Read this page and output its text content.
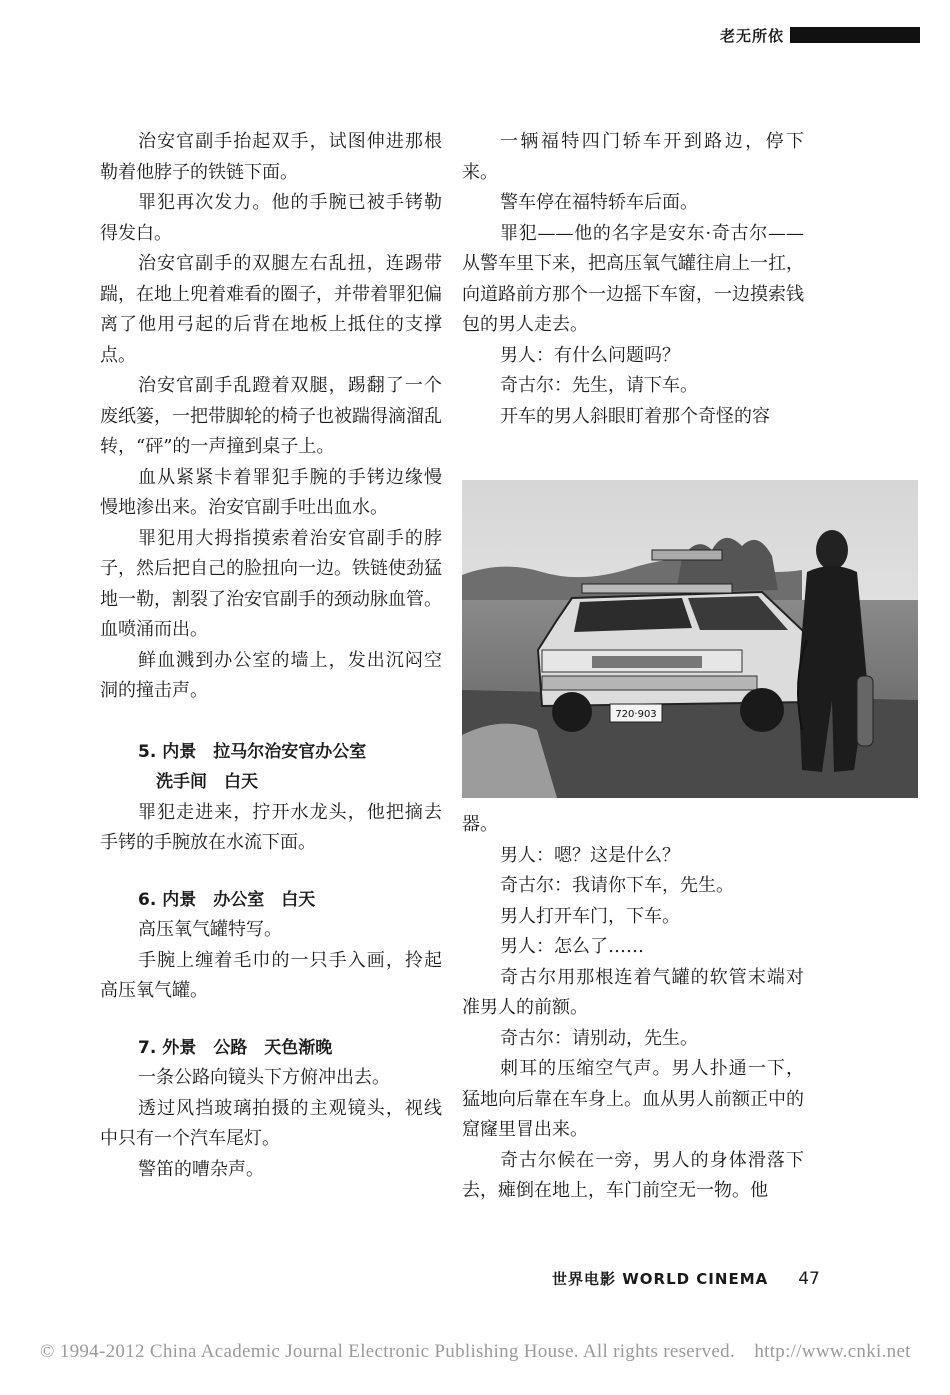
老无所依

治安官副手抬起双手，试图伸进那根勒着他脖子的铁链下面。

罪犯再次发力。他的手腕已被手铐勒得发白。

治安官副手的双腿左右乱扭，连踢带踹，在地上兜着难看的圈子，并带着罪犯偏离了他用弓起的后背在地板上抵住的支撑点。

治安官副手乱蹬着双腿，踢翻了一个废纸篓，一把带脚轮的椅子也被踹得滴溜乱转，“砰”的一声撞到桌子上。

血从紧紧卡着罪犯手腕的手铐边缘慢慢地渗出来。治安官副手吐出血水。

罪犯用大拇指摸索着治安官副手的脖子，然后把自己的脸扭向一边。铁链使劲猛地一勒，割裂了治安官副手的颈动脉血管。血喷涌而出。

鲜血溅到办公室的墙上，发出沉闷空洞的撞击声。

5. 内景　拉马尔治安官办公室

洗手间　白天

罪犯走进来，拧开水龙头，他把摘去手铐的手腕放在水流下面。

6. 内景　办公室　白天

高压氧气罐特写。

手腕上缠着毛巾的一只手入画，拎起高压氧气罐。

7. 外景　公路　天色渐晚

一条公路向镜头下方俯冲出去。

透过风挡玻璃拍摄的主观镜头，视线中只有一个汽车尾灯。

警笛的嘈杂声。

一辆福特四门轿车开到路边，停下来。

警车停在福特轿车后面。

罪犯——他的名字是安东·奇古尔——从警车里下来，把高压氧气罐往肩上一扛，向道路前方那个一边摇下车窗，一边摸索钱包的男人走去。

男人：有什么问题吗？

奇古尔：先生，请下车。

开车的男人斜眼盯着那个奇怪的容

720·903

器。

男人：嗯？这是什么？

奇古尔：我请你下车，先生。

男人打开车门，下车。

男人：怎么了……

奇古尔用那根连着气罐的软管末端对准男人的前额。

奇古尔：请别动，先生。

刺耳的压缩空气声。男人扑通一下，猛地向后靠在车身上。血从男人前额正中的窟窿里冒出来。

奇古尔候在一旁，男人的身体滑落下去，瘫倒在地上，车门前空无一物。他

世界电影 WORLD CINEMA 47
© 1994-2012 China Academic Journal Electronic Publishing House. All rights reserved.　http://www.cnki.net
